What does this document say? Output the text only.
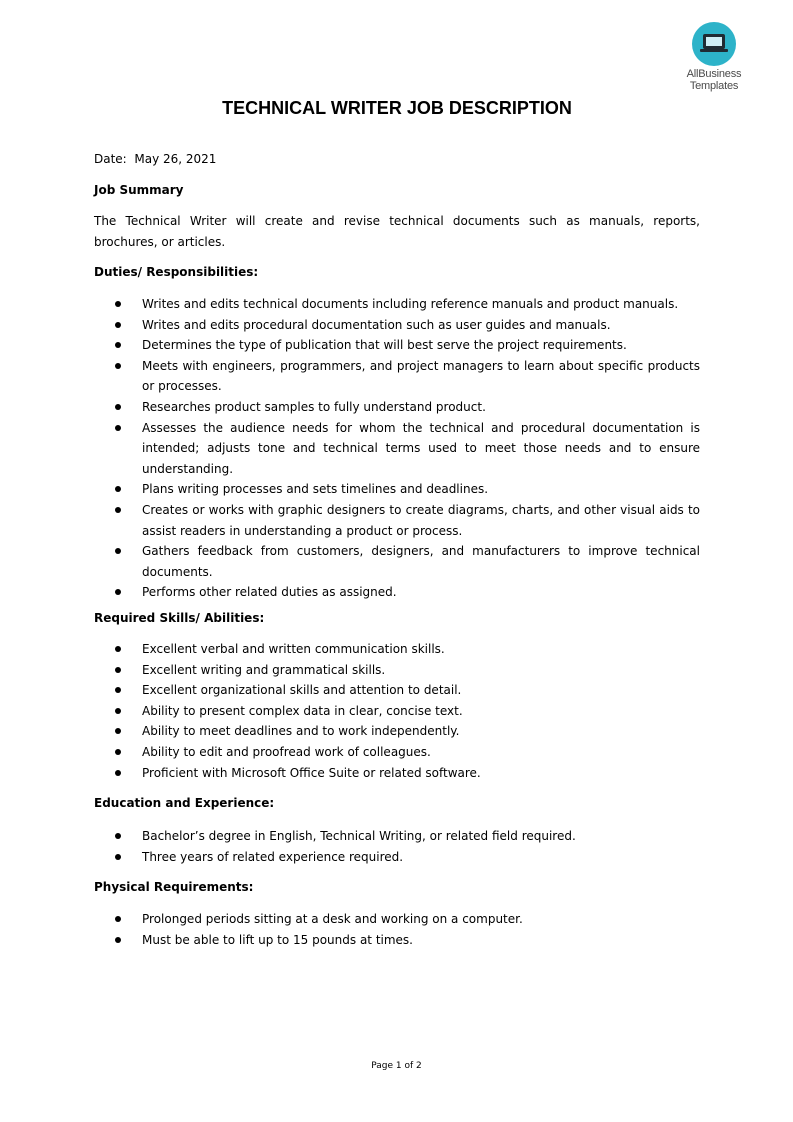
AllBusiness
Templates
TECHNICAL WRITER JOB DESCRIPTION
Date: May 26, 2021
Job Summary
The Technical Writer will create and revise technical documents such as manuals, reports, brochures, or articles.
Duties/ Responsibilities:
Writes and edits technical documents including reference manuals and product manuals.
Writes and edits procedural documentation such as user guides and manuals.
Determines the type of publication that will best serve the project requirements.
Meets with engineers, programmers, and project managers to learn about specific products or processes.
Researches product samples to fully understand product.
Assesses the audience needs for whom the technical and procedural documentation is intended; adjusts tone and technical terms used to meet those needs and to ensure understanding.
Plans writing processes and sets timelines and deadlines.
Creates or works with graphic designers to create diagrams, charts, and other visual aids to assist readers in understanding a product or process.
Gathers feedback from customers, designers, and manufacturers to improve technical documents.
Performs other related duties as assigned.
Required Skills/ Abilities:
Excellent verbal and written communication skills.
Excellent writing and grammatical skills.
Excellent organizational skills and attention to detail.
Ability to present complex data in clear, concise text.
Ability to meet deadlines and to work independently.
Ability to edit and proofread work of colleagues.
Proficient with Microsoft Office Suite or related software.
Education and Experience:
Bachelor’s degree in English, Technical Writing, or related field required.
Three years of related experience required.
Physical Requirements:
Prolonged periods sitting at a desk and working on a computer.
Must be able to lift up to 15 pounds at times.
Page 1 of 2
